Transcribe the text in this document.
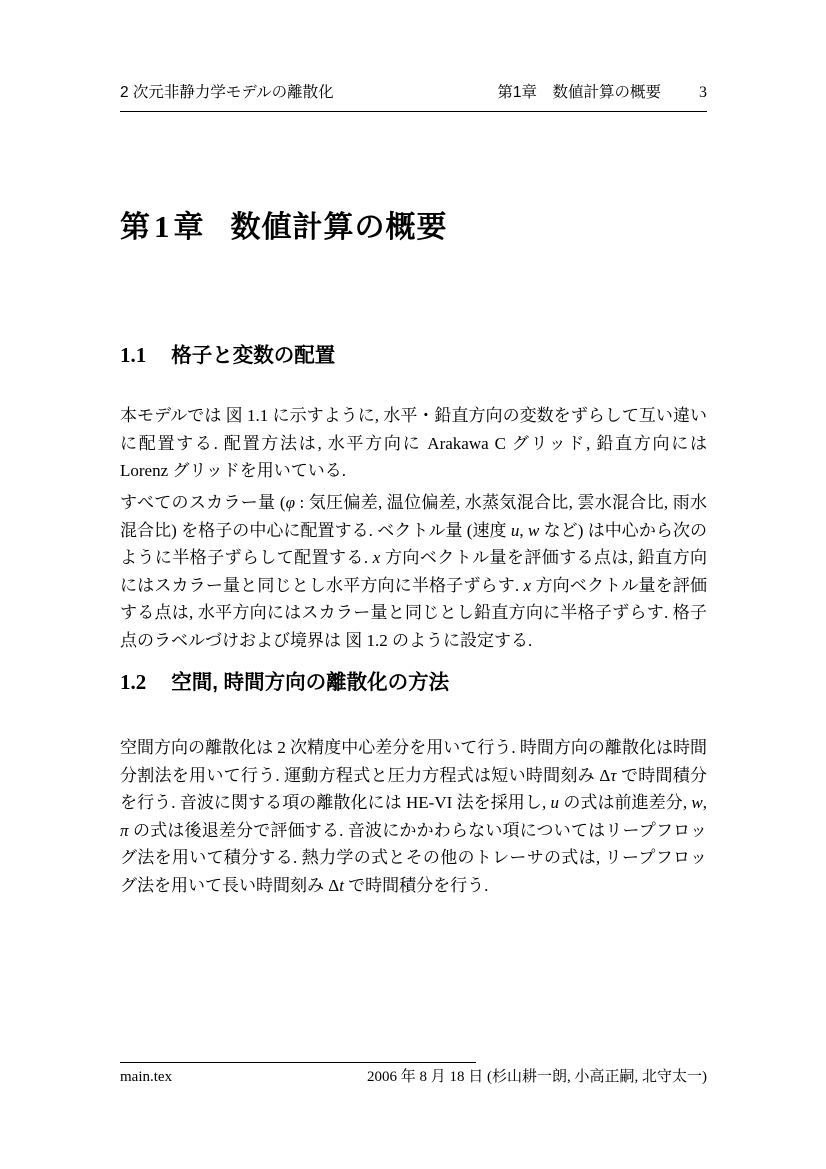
2 次元非静力学モデルの離散化	第1章　 数値計算の概要 3
第1 章 数値計算の概要
1.1 格子と変数の配置

本モデルでは 図 1.1 に示すように, 水平・鉛直方向の変数をずらして互い違いに配置する. 配置方法は, 水平方向に Arakawa C グリッド, 鉛直方向には Lorenz グリッドを用いている.

すべてのスカラー量 (φ : 気圧偏差, 温位偏差, 水蒸気混合比, 雲水混合比, 雨水混合比) を格子の中心に配置する. ベクトル量 (速度 u, w など) は中心から次のように半格子ずらして配置する. x 方向ベクトル量を評価する点は, 鉛直方向にはスカラー量と同じとし水平方向に半格子ずらす. x 方向ベクトル量を評価する点は, 水平方向にはスカラー量と同じとし鉛直方向に半格子ずらす. 格子点のラベルづけおよび境界は 図 1.2 のように設定する.

1.2 空間, 時間方向の離散化の方法

空間方向の離散化は 2 次精度中心差分を用いて行う. 時間方向の離散化は時間分割法を用いて行う. 運動方程式と圧力方程式は短い時間刻み Δτ で時間積分を行う. 音波に関する項の離散化には HE-VI 法を採用し, u の式は前進差分, w, π の式は後退差分で評価する. 音波にかかわらない項についてはリープフロッグ法を用いて積分する. 熱力学の式とその他のトレーサの式は, リープフロッグ法を用いて長い時間刻み Δt で時間積分を行う.

main.tex	2006 年 8 月 18 日 (杉山耕一朗, 小高正嗣, 北守太一)
